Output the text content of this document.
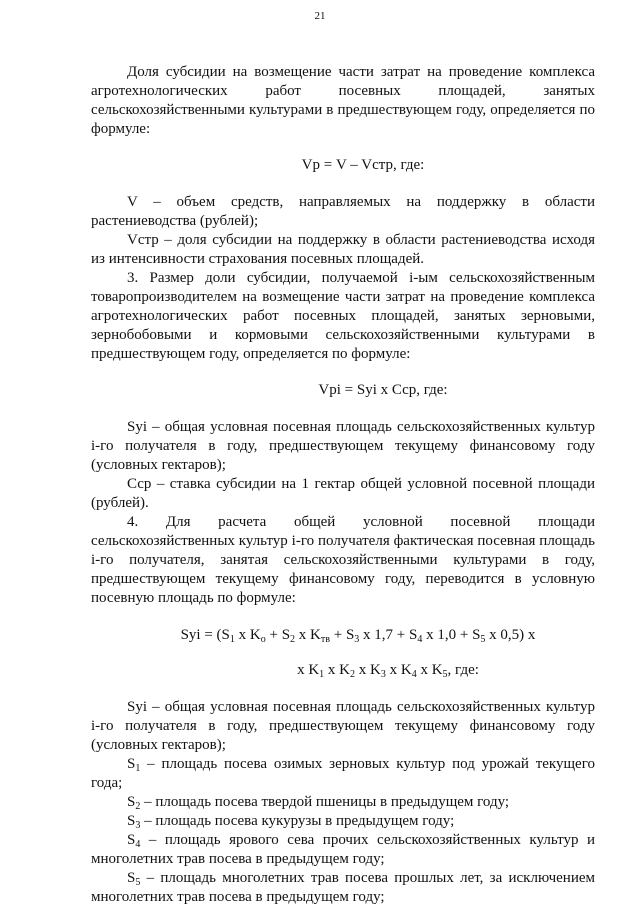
21

Доля субсидии на возмещение части затрат на проведение комплекса агротехнологических работ посевных площадей, занятых сельскохозяйственными культурами в предшествующем году, определяется по формуле:

Vр = V – Vстр, где:

V – объем средств, направляемых на поддержку в области растениеводства (рублей);

Vстр – доля субсидии на поддержку в области растениеводства исходя из интенсивности страхования посевных площадей.

3. Размер доли субсидии, получаемой i-ым сельскохозяйственным товаропроизводителем на возмещение части затрат на проведение комплекса агротехнологических работ посевных площадей, занятых зерновыми, зернобобовыми и кормовыми сельскохозяйственными культурами в предшествующем году, определяется по формуле:

Vрi = Syi x Сср, где:

Syi – общая условная посевная площадь сельскохозяйственных культур i-го получателя в году, предшествующем текущему финансовому году (условных гектаров);

Сср – ставка субсидии на 1 гектар общей условной посевной площади (рублей).

4. Для расчета общей условной посевной площади сельскохозяйственных культур i-го получателя фактическая посевная площадь i-го получателя, занятая сельскохозяйственными культурами в году, предшествующем текущему финансовому году, переводится в условную посевную площадь по формуле:

Syi = ($S_1$ x $K_о + S_2$ x $K_{тв} + S_3$ x $1,7 + S_4$ x $1,0 + S_5$ x 0,5) x

x $K_1$ x $K_2$ x $K_3$ x $K_4$ x $K_5$, где:

Syi – общая условная посевная площадь сельскохозяйственных культур i-го получателя в году, предшествующем текущему финансовому году (условных гектаров);

$S_1$ – площадь посева озимых зерновых культур под урожай текущего года;

$S_2$ – площадь посева твердой пшеницы в предыдущем году;

$S_3$ – площадь посева кукурузы в предыдущем году;

$S_4$ – площадь ярового сева прочих сельскохозяйственных культур и многолетних трав посева в предыдущем году;

$S_5$ – площадь многолетних трав посева прошлых лет, за исключением многолетних трав посева в предыдущем году;
